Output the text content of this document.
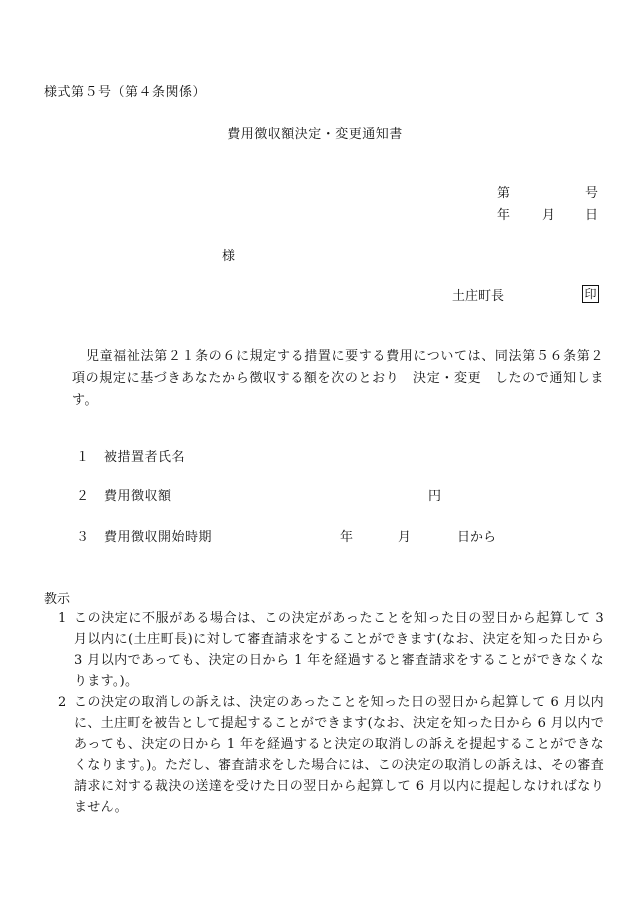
様式第５号（第４条関係）
費用徴収額決定・変更通知書
第	号
年 月 日
様
土庄町長	印
児童福祉法第２１条の６に規定する措置に要する費用については、同法第５６条第２項の規定に基づきあなたから徴収する額を次のとおり　決定・変更　したので通知します。
１ 被措置者氏名
２ 費用徴収額	円
３ 費用徴収開始時期	年	月	日から
教示
1 この決定に不服がある場合は、この決定があったことを知った日の翌日から起算して 3 月以内に(土庄町長)に対して審査請求をすることができます(なお、決定を知った日から 3 月以内であっても、決定の日から 1 年を経過すると審査請求をすることができなくなります。)。
2 この決定の取消しの訴えは、決定のあったことを知った日の翌日から起算して 6 月以内に、土庄町を被告として提起することができます(なお、決定を知った日から 6 月以内であっても、決定の日から 1 年を経過すると決定の取消しの訴えを提起することができなくなります。)。ただし、審査請求をした場合には、この決定の取消しの訴えは、その審査請求に対する裁決の送達を受けた日の翌日から起算して 6 月以内に提起しなければなりません。
